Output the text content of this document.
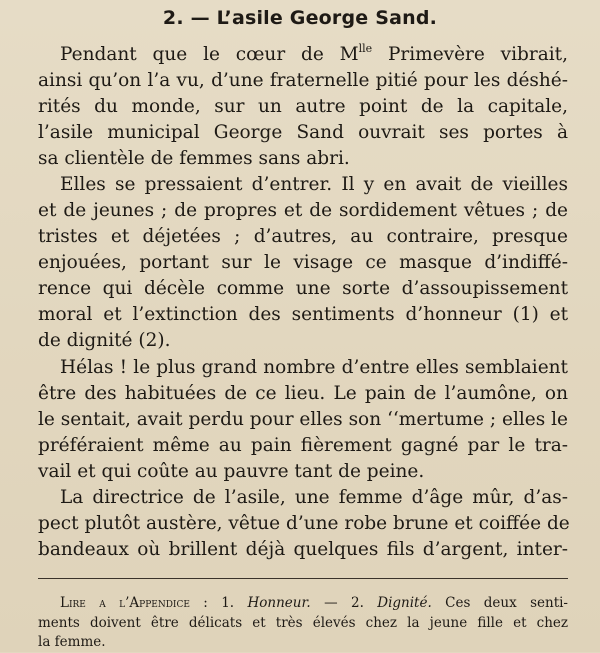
2. — L’asile George Sand.
Pendant que le cœur de $M^{lle}$ Primevère vibrait,
ainsi qu’on l’a vu, d’une fraternelle pitié pour les déshé-
rités du monde, sur un autre point de la capitale,
l’asile municipal George Sand ouvrait ses portes à
sa clientèle de femmes sans abri.
Elles se pressaient d’entrer. Il y en avait de vieilles
et de jeunes ; de propres et de sordidement vêtues ; de
tristes et déjetées ; d’autres, au contraire, presque
enjouées, portant sur le visage ce masque d’indiffé-
rence qui décèle comme une sorte d’assoupissement
moral et l’extinction des sentiments d’honneur (1) et
de dignité (2).
Hélas ! le plus grand nombre d’entre elles semblaient
être des habituées de ce lieu. Le pain de l’aumône, on
le sentait, avait perdu pour elles son ‘‘mertume ; elles le
préféraient même au pain fièrement gagné par le tra-
vail et qui coûte au pauvre tant de peine.
La directrice de l’asile, une femme d’âge mûr, d’as-
pect plutôt austère, vêtue d’une robe brune et coiffée de
bandeaux où brillent déjà quelques fils d’argent, inter-
Lire a l’Appendice : 1. Honneur. — 2. Dignité. Ces deux senti-
ments doivent être délicats et très élevés chez la jeune fille et chez
la femme.
